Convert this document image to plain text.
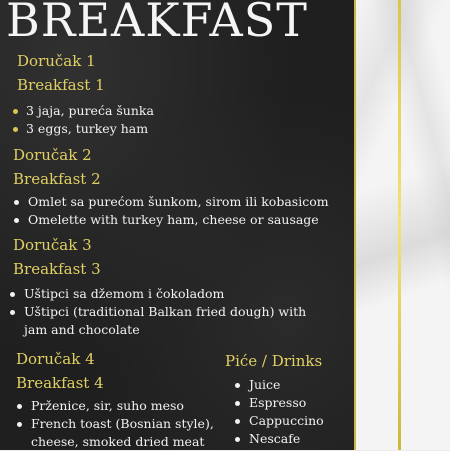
BREAKFAST
Doručak 1
Breakfast 1
3 jaja, pureća šunka
3 eggs, turkey ham
Doručak 2
Breakfast 2
Omlet sa purećom šunkom, sirom ili kobasicom
Omelette with turkey ham, cheese or sausage
Doručak 3
Breakfast 3
Uštipci sa džemom i čokoladom
Uštipci (traditional Balkan fried dough) with jam and chocolate
Doručak 4
Breakfast 4
Prženice, sir, suho meso
French toast (Bosnian style), cheese, smoked dried meat
Piće / Drinks
Juice
Espresso
Cappuccino
Nescafe
